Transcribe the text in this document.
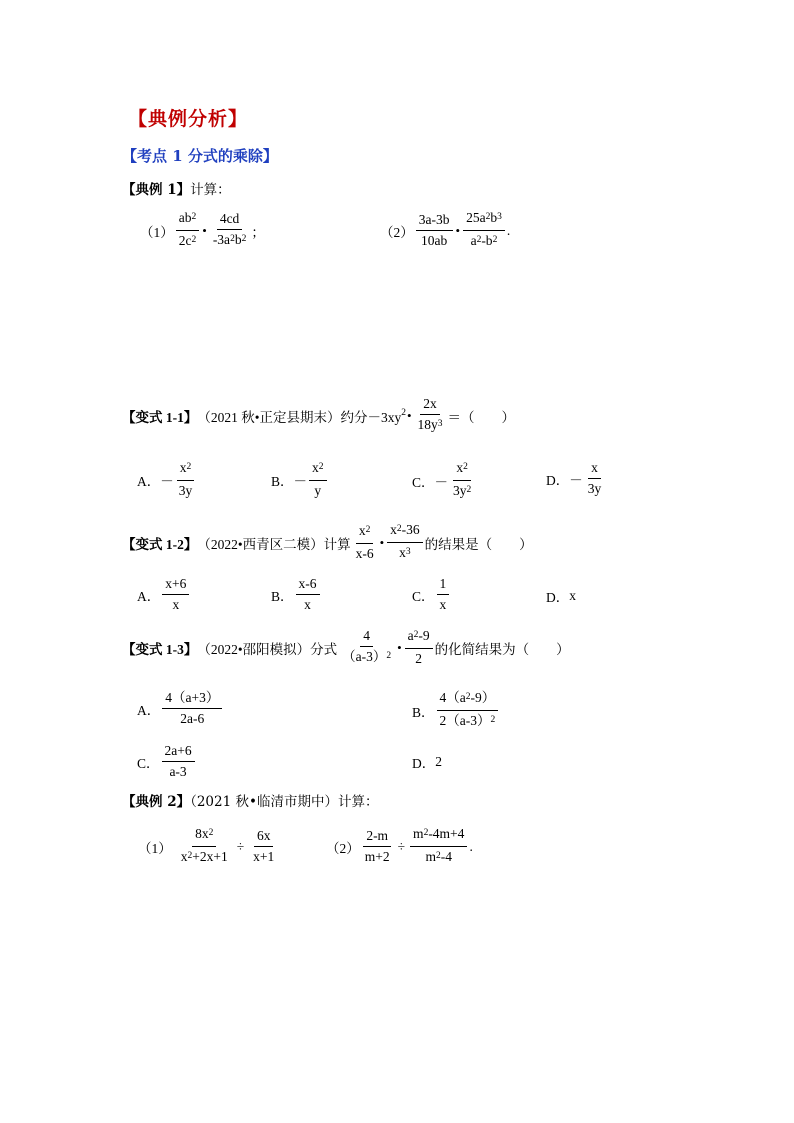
【典例分析】
【考点 1 分式的乘除】
【典例 1】计算：
$(1) \frac{ab^2}{2c^2}$ • $\frac{4cd}{-3a^2b^2}$ ；	$(2) \frac{3a-3b}{10ab}$ • $\frac{25a^2b^3}{a^2-b^2}$ .
【变式 1-1】 （2021 秋•正定县期末）约分$-3xy^2$ • $\frac{2x}{18y^3}$ ＝（　　）
A．－ $\frac{x^2}{3y}$	B．－ $\frac{x^2}{y}$	C．－ $\frac{x^2}{3y^2}$	D．－ $\frac{x}{3y}$
【变式 1-2】 （2022•西青区二模）计算 $\frac{x^2}{x-6}$ • $\frac{x^2-36}{x^3}$ 的结果是（　　）
A． $\frac{x+6}{x}$	B． $\frac{x-6}{x}$	C． $\frac{1}{x}$	D． x
【变式 1-3】 （2022•邵阳模拟）分式 $\frac{4}{(a-3)^2}$ • $\frac{a^2-9}{2}$ 的化简结果为（　　）
A． $\frac{4(a+3)}{2a-6}$	B． $\frac{4(a^2-9)}{2(a-3)^2}$
C． $\frac{2a+6}{a-3}$	D． 2
【典例 2】（2021 秋•临清市期中）计算：
$(1) \frac{8x^2}{x^2+2x+1} \div \frac{6x}{x+1}$	$(2) \frac{2-m}{m+2} \div \frac{m^2-4m+4}{m^2-4}$ .
